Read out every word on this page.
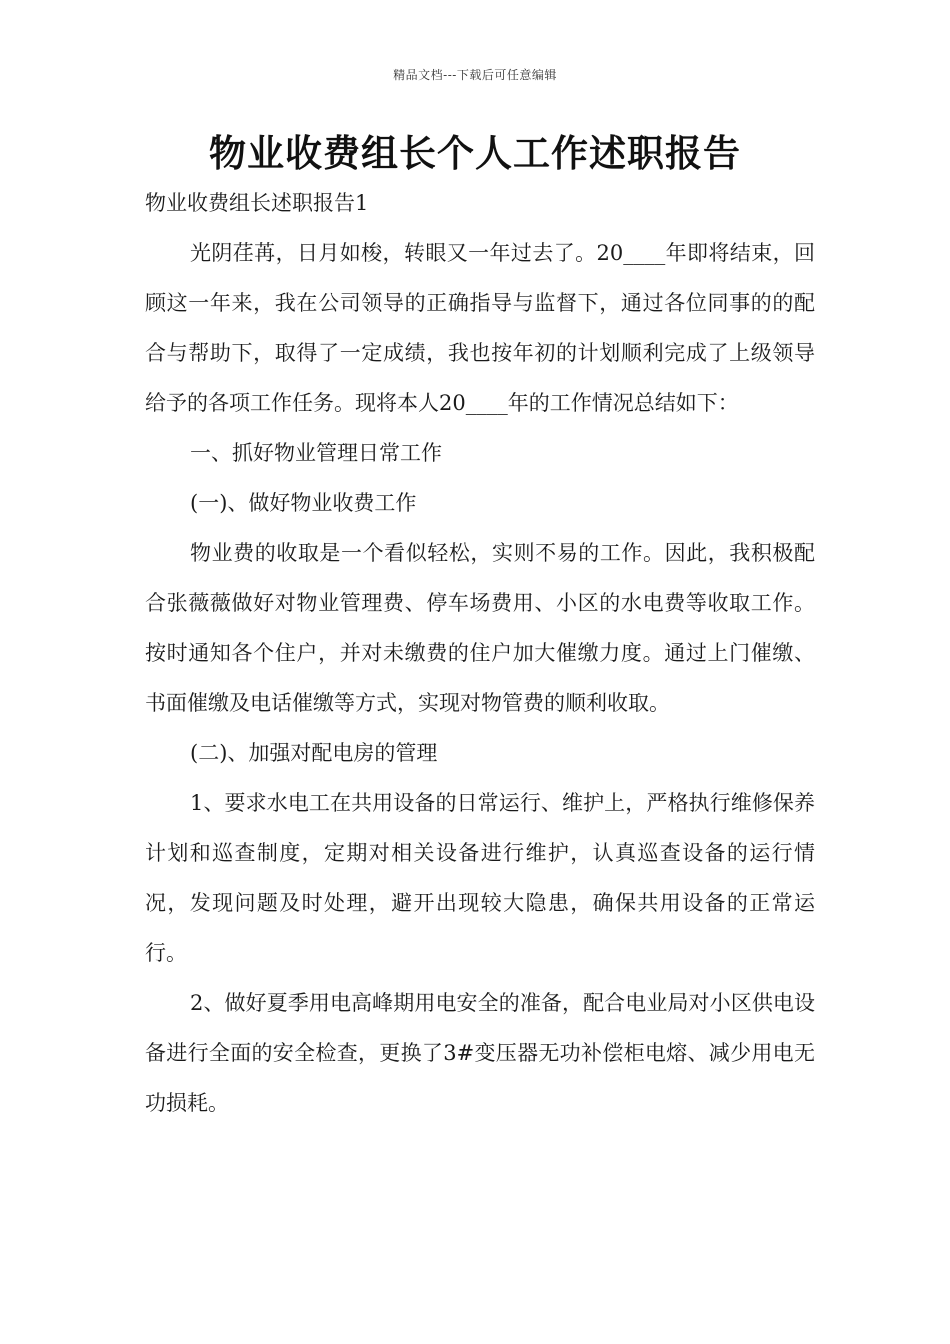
精品文档---下载后可任意编辑
物业收费组长个人工作述职报告

物业收费组长述职报告1

光阴荏苒，日月如梭，转眼又一年过去了。20____年即将结束，回顾这一年来，我在公司领导的正确指导与监督下，通过各位同事的的配合与帮助下，取得了一定成绩，我也按年初的计划顺利完成了上级领导给予的各项工作任务。现将本人20____年的工作情况总结如下：

一、抓好物业管理日常工作

(一)、做好物业收费工作

物业费的收取是一个看似轻松，实则不易的工作。因此，我积极配合张薇薇做好对物业管理费、停车场费用、小区的水电费等收取工作。按时通知各个住户，并对未缴费的住户加大催缴力度。通过上门催缴、书面催缴及电话催缴等方式，实现对物管费的顺利收取。

(二)、加强对配电房的管理

1、要求水电工在共用设备的日常运行、维护上，严格执行维修保养计划和巡查制度，定期对相关设备进行维护，认真巡查设备的运行情况，发现问题及时处理，避开出现较大隐患，确保共用设备的正常运行。

2、做好夏季用电高峰期用电安全的准备，配合电业局对小区供电设备进行全面的安全检查，更换了3#变压器无功补偿柜电熔、减少用电无功损耗。
